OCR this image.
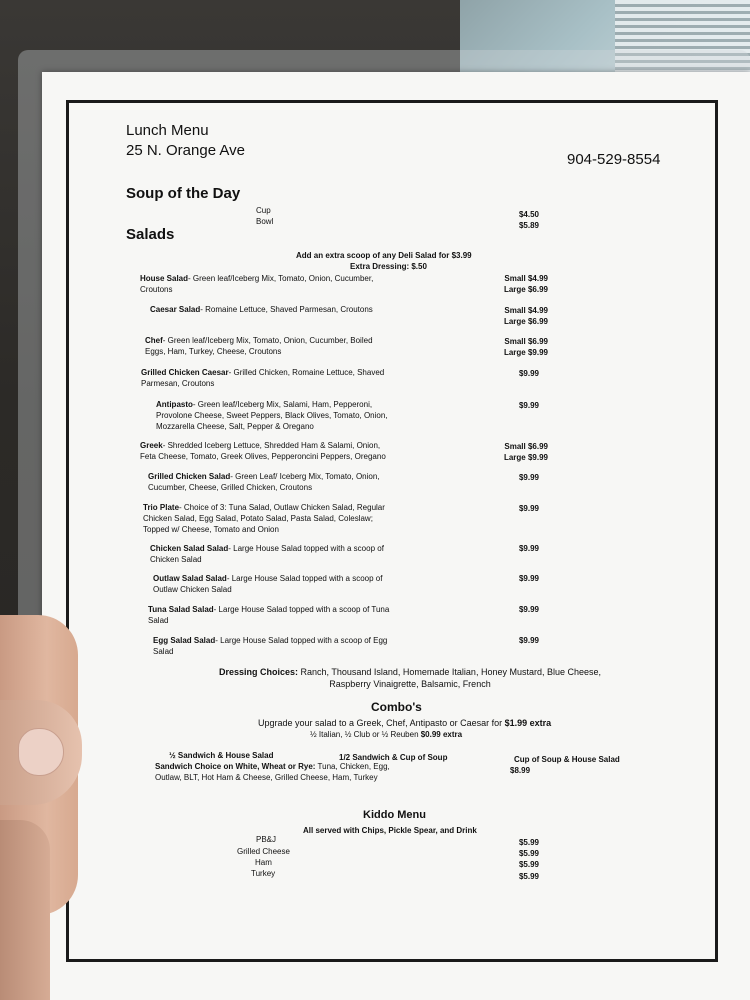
Lunch Menu
25 N. Orange Ave
904-529-8554
Soup of the Day
Cup	$4.50
Bowl	$5.89
Salads
Add an extra scoop of any Deli Salad for $3.99
Extra Dressing: $.50
House Salad- Green leaf/Iceberg Mix, Tomato, Onion, Cucumber, Croutons
Small $4.99
Large $6.99
Caesar Salad- Romaine Lettuce, Shaved Parmesan, Croutons	Small $4.99
Large $6.99
Chef- Green leaf/Iceberg Mix, Tomato, Onion, Cucumber, Boiled Eggs, Ham, Turkey, Cheese, Croutons
Small $6.99
Large $9.99
Grilled Chicken Caesar- Grilled Chicken, Romaine Lettuce, Shaved Parmesan, Croutons
$9.99
Antipasto- Green leaf/Iceberg Mix, Salami, Ham, Pepperoni, Provolone Cheese, Sweet Peppers, Black Olives, Tomato, Onion, Mozzarella Cheese, Salt, Pepper & Oregano
$9.99
Greek- Shredded Iceberg Lettuce, Shredded Ham & Salami, Onion, Feta Cheese, Tomato, Greek Olives, Pepperoncini Peppers, Oregano
Small $6.99
Large $9.99
Grilled Chicken Salad- Green Leaf/ Iceberg Mix, Tomato, Onion, Cucumber, Cheese, Grilled Chicken, Croutons
$9.99
Trio Plate- Choice of 3: Tuna Salad, Outlaw Chicken Salad, Regular Chicken Salad, Egg Salad, Potato Salad, Pasta Salad, Coleslaw; Topped w/ Cheese, Tomato and Onion
$9.99
Chicken Salad Salad- Large House Salad topped with a scoop of Chicken Salad
$9.99
Outlaw Salad Salad- Large House Salad topped with a scoop of Outlaw Chicken Salad
$9.99
Tuna Salad Salad- Large House Salad topped with a scoop of Tuna Salad
$9.99
Egg Salad Salad- Large House Salad topped with a scoop of Egg Salad
$9.99
Dressing Choices: Ranch, Thousand Island, Homemade Italian, Honey Mustard, Blue Cheese, Raspberry Vinaigrette, Balsamic, French
Combo's
Upgrade your salad to a Greek, Chef, Antipasto or Caesar for $1.99 extra
½ Italian, ½ Club or ½ Reuben $0.99 extra
½ Sandwich & House Salad
Sandwich Choice on White, Wheat or Rye: Tuna, Chicken, Egg, Outlaw, BLT, Hot Ham & Cheese, Grilled Cheese, Ham, Turkey
1/2 Sandwich & Cup of Soup	Cup of Soup & House Salad
$8.99
Kiddo Menu
All served with Chips, Pickle Spear, and Drink
PB&J	$5.99
Grilled Cheese	$5.99
Ham	$5.99
Turkey	$5.99
